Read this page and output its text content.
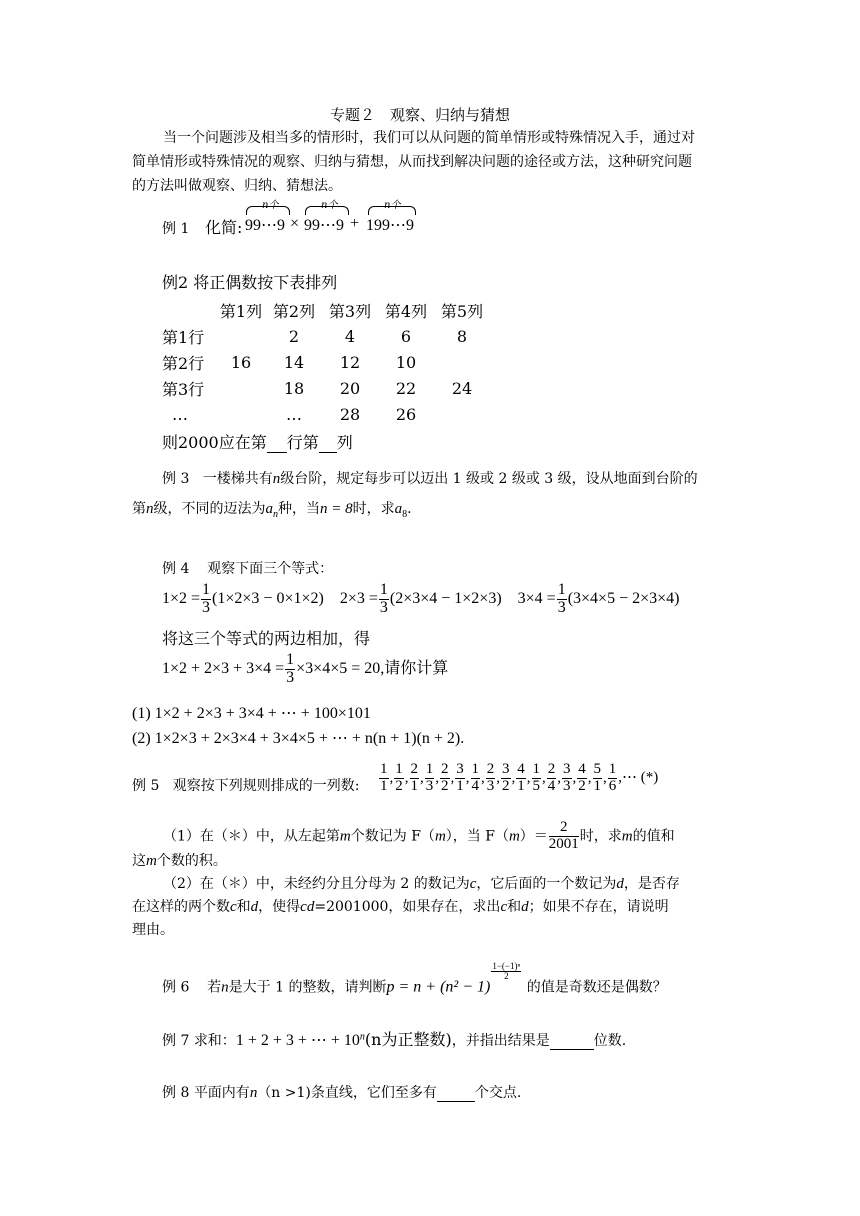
专题２　观察、归纳与猜想
当一个问题涉及相当多的情形时，我们可以从问题的简单情形或特殊情况入手，通过对
简单情形或特殊情况的观察、归纳与猜想，从而找到解决问题的途径或方法，这种研究问题
的方法叫做观察、归纳、猜想法。
例 1 化简:
n个	n个	n个
99⋯9 × 99⋯9 + 199⋯9
例2 将正偶数按下表排列
	第1列	第2列	第3列	第4列	第5列
第1行		2	4	6	8
第2行	16	14	12	10	
第3行		18	20	22	24
…		…	28	26	
则2000应在第 行第 列
例 3 一楼梯共有n级台阶，规定每步可以迈出 1 级或 2 级或 3 级，设从地面到台阶的
第n级，不同的迈法为$a_n$种，当n = 8时，求$a_8$.
例 4 观察下面三个等式：
$1\times 2 = \frac{1}{3} (1\times 2\times 3 - 0\times 1\times 2) 2\times 3 = \frac{1}{3} (2\times 3\times 4 - 1\times 2\times 3) 3\times 4 = \frac{1}{3} (3\times 4\times 5 - 2\times 3\times 4)$
将这三个等式的两边相加，得
$1\times 2 + 2\times 3 + 3\times 4 = \frac{1}{3} \times 3\times 4\times 5 = 20$,请你计算
(1) 1×2 + 2×3 + 3×4 + ⋯ + 100×101
(2) 1×2×3 + 2×3×4 + 3×4×5 + ⋯ + n(n + 1)(n + 2).
例 5 观察按下列规则排成的一列数: $\frac{1}{1}$ , $\frac{1}{2}$ , $\frac{2}{1}$ , $\frac{1}{3}$ , $\frac{2}{2}$ , $\frac{3}{1}$ , $\frac{1}{4}$ , $\frac{2}{3}$ , $\frac{3}{2}$ , $\frac{4}{1}$ , $\frac{1}{5}$ , $\frac{2}{4}$ , $\frac{3}{3}$ , $\frac{4}{2}$ , $\frac{5}{1}$ , $\frac{1}{6}$ ,⋯ (*)
（1）在（＊）中，从左起第m个数记为 F（m），当 $F(m)= \frac{2}{2001}$ 时，求m的值和
这m个数的积。
（2）在（＊）中，未经约分且分母为 2 的数记为c，它后面的一个数记为d，是否存
在这样的两个数c和d，使得cd=2001000，如果存在，求出c和d；如果不存在，请说明
理由。
例 6 若n是大于 1 的整数，请判断p = n + (n² − 1)
$\frac{\text{1−(−1)ⁿ}}{2}$
的值是奇数还是偶数？
例 7 求和：1 + 2 + 3 + ⋯ + $10^n(n$为正整数)，并指出结果是	位数.
例 8 平面内有n（n >1)条直线，它们至多有	个交点.
